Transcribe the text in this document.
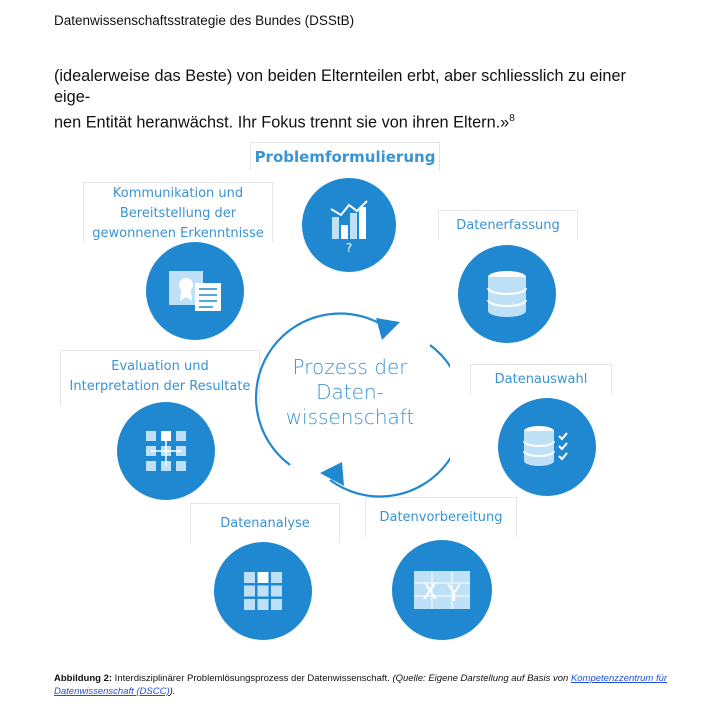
Datenwissenschaftsstrategie des Bundes (DSStB)
(idealerweise das Beste) von beiden Elternteilen erbt, aber schliesslich zu einer eige-
nen Entität heranwächst. Ihr Fokus trennt sie von ihren Eltern.»$^8$
Problemformulierung
Datenerfassung
Datenauswahl
Datenvorbereitung
Datenanalyse
Evaluation und
Interpretation der Resultate
Kommunikation und
Bereitstellung der
gewonnenen Erkenntnisse
Prozess der
Daten-
wissenschaft
?
X Y
Abbildung 2: Interdisziplinärer Problemlösungsprozess der Datenwissenschaft. (Quelle: Eigene Darstellung auf Basis von Kompetenzzentrum für Datenwissenschaft (DSCC)).
